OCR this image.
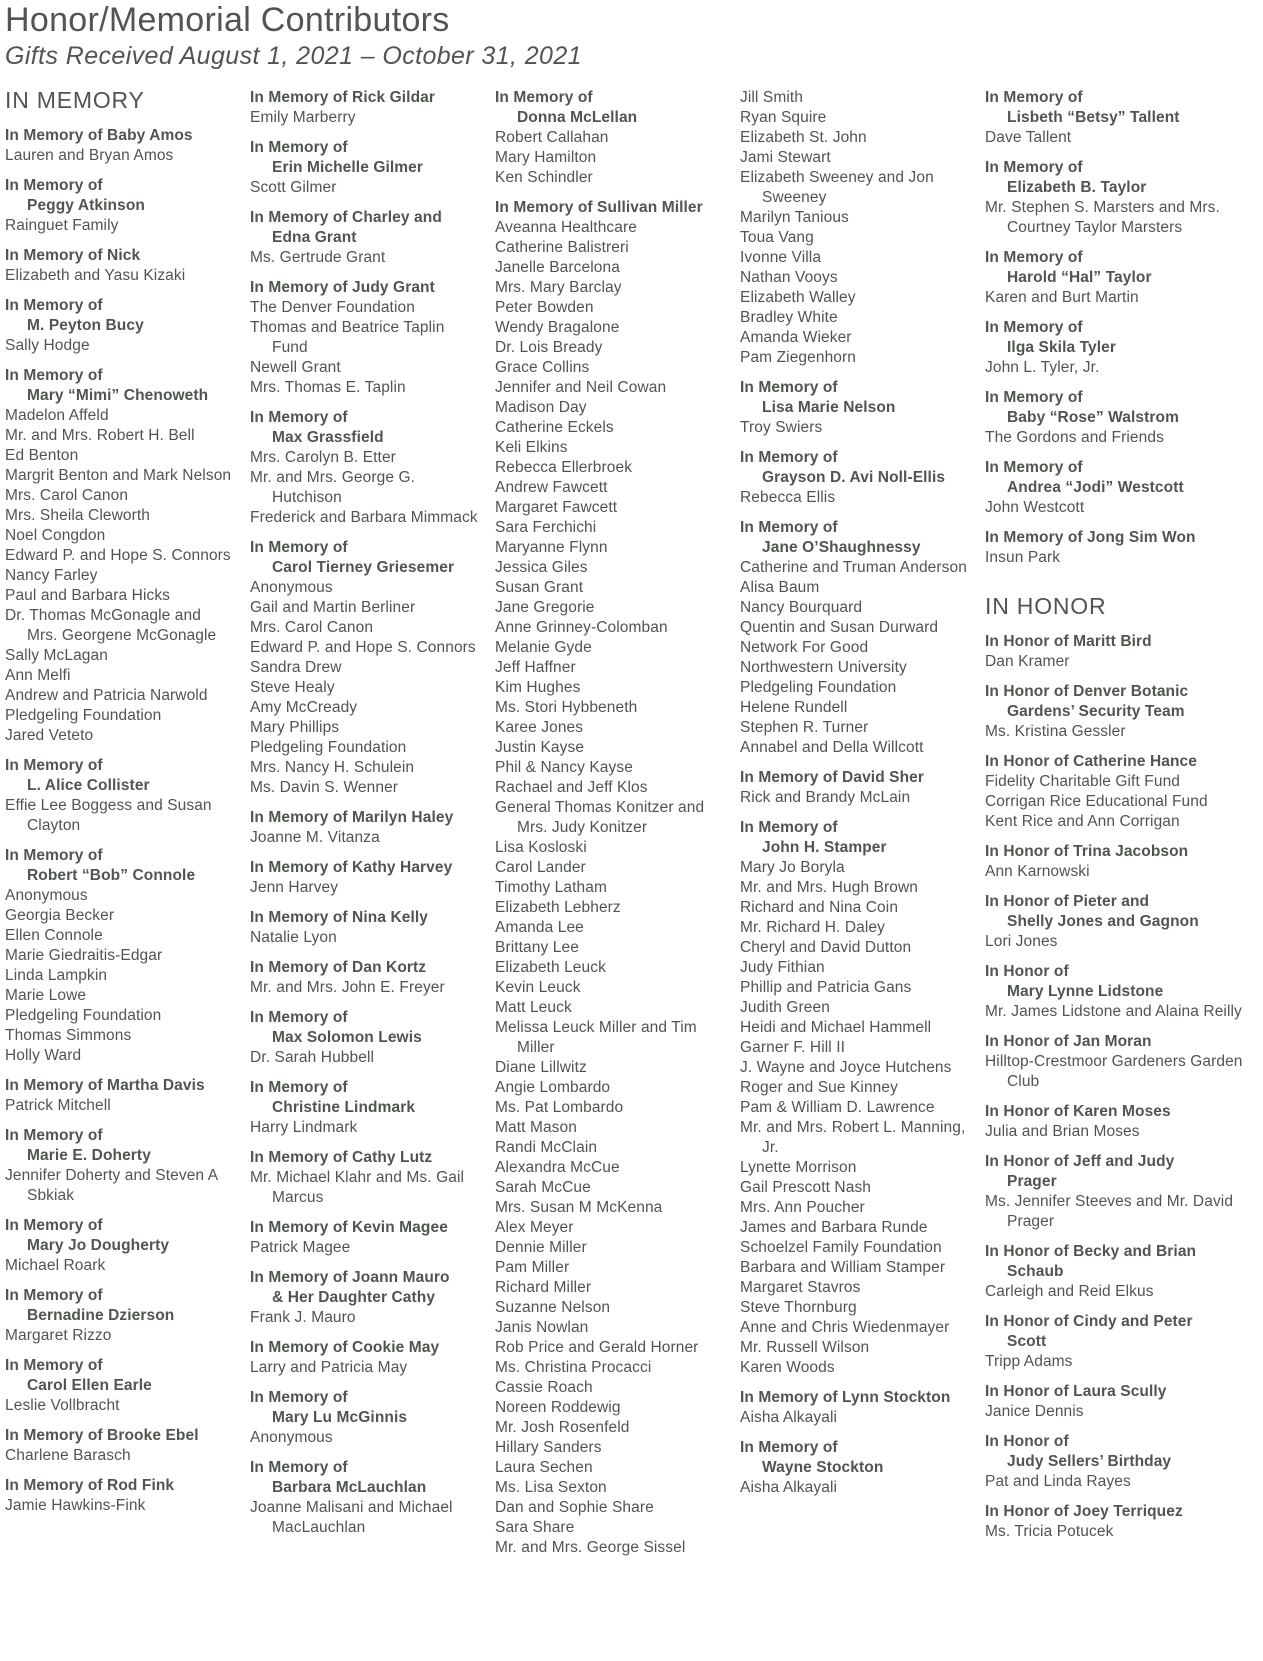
Honor/Memorial Contributors

Gifts Received August 1, 2021 – October 31, 2021

IN MEMORY
In Memory of Baby Amos
Lauren and Bryan Amos
In Memory of
Peggy Atkinson
Rainguet Family
In Memory of Nick
Elizabeth and Yasu Kizaki
In Memory of
M. Peyton Bucy
Sally Hodge
In Memory of
Mary “Mimi” Chenoweth
Madelon Affeld
Mr. and Mrs. Robert H. Bell
Ed Benton
Margrit Benton and Mark Nelson
Mrs. Carol Canon
Mrs. Sheila Cleworth
Noel Congdon
Edward P. and Hope S. Connors
Nancy Farley
Paul and Barbara Hicks
Dr. Thomas McGonagle and Mrs. Georgene McGonagle
Sally McLagan
Ann Melfi
Andrew and Patricia Narwold
Pledgeling Foundation
Jared Veteto
In Memory of
L. Alice Collister
Effie Lee Boggess and Susan Clayton
In Memory of
Robert “Bob” Connole
Anonymous
Georgia Becker
Ellen Connole
Marie Giedraitis-Edgar
Linda Lampkin
Marie Lowe
Pledgeling Foundation
Thomas Simmons
Holly Ward
In Memory of Martha Davis
Patrick Mitchell
In Memory of
Marie E. Doherty
Jennifer Doherty and Steven A Sbkiak
In Memory of
Mary Jo Dougherty
Michael Roark
In Memory of
Bernadine Dzierson
Margaret Rizzo
In Memory of
Carol Ellen Earle
Leslie Vollbracht
In Memory of Brooke Ebel
Charlene Barasch
In Memory of Rod Fink
Jamie Hawkins-Fink
In Memory of Rick Gildar
Emily Marberry
In Memory of
Erin Michelle Gilmer
Scott Gilmer
In Memory of Charley and
Edna Grant
Ms. Gertrude Grant
In Memory of Judy Grant
The Denver Foundation
Thomas and Beatrice Taplin Fund
Newell Grant
Mrs. Thomas E. Taplin
In Memory of
Max Grassfield
Mrs. Carolyn B. Etter
Mr. and Mrs. George G. Hutchison
Frederick and Barbara Mimmack
In Memory of
Carol Tierney Griesemer
Anonymous
Gail and Martin Berliner
Mrs. Carol Canon
Edward P. and Hope S. Connors
Sandra Drew
Steve Healy
Amy McCready
Mary Phillips
Pledgeling Foundation
Mrs. Nancy H. Schulein
Ms. Davin S. Wenner
In Memory of Marilyn Haley
Joanne M. Vitanza
In Memory of Kathy Harvey
Jenn Harvey
In Memory of Nina Kelly
Natalie Lyon
In Memory of Dan Kortz
Mr. and Mrs. John E. Freyer
In Memory of
Max Solomon Lewis
Dr. Sarah Hubbell
In Memory of
Christine Lindmark
Harry Lindmark
In Memory of Cathy Lutz
Mr. Michael Klahr and Ms. Gail Marcus
In Memory of Kevin Magee
Patrick Magee
In Memory of Joann Mauro
& Her Daughter Cathy
Frank J. Mauro
In Memory of Cookie May
Larry and Patricia May
In Memory of
Mary Lu McGinnis
Anonymous
In Memory of
Barbara McLauchlan
Joanne Malisani and Michael MacLauchlan
In Memory of
Donna McLellan
Robert Callahan
Mary Hamilton
Ken Schindler
In Memory of Sullivan Miller
Aveanna Healthcare
Catherine Balistreri
Janelle Barcelona
Mrs. Mary Barclay
Peter Bowden
Wendy Bragalone
Dr. Lois Bready
Grace Collins
Jennifer and Neil Cowan
Madison Day
Catherine Eckels
Keli Elkins
Rebecca Ellerbroek
Andrew Fawcett
Margaret Fawcett
Sara Ferchichi
Maryanne Flynn
Jessica Giles
Susan Grant
Jane Gregorie
Anne Grinney-Colomban
Melanie Gyde
Jeff Haffner
Kim Hughes
Ms. Stori Hybbeneth
Karee Jones
Justin Kayse
Phil & Nancy Kayse
Rachael and Jeff Klos
General Thomas Konitzer and Mrs. Judy Konitzer
Lisa Kosloski
Carol Lander
Timothy Latham
Elizabeth Lebherz
Amanda Lee
Brittany Lee
Elizabeth Leuck
Kevin Leuck
Matt Leuck
Melissa Leuck Miller and Tim Miller
Diane Lillwitz
Angie Lombardo
Ms. Pat Lombardo
Matt Mason
Randi McClain
Alexandra McCue
Sarah McCue
Mrs. Susan M McKenna
Alex Meyer
Dennie Miller
Pam Miller
Richard Miller
Suzanne Nelson
Janis Nowlan
Rob Price and Gerald Horner
Ms. Christina Procacci
Cassie Roach
Noreen Roddewig
Mr. Josh Rosenfeld
Hillary Sanders
Laura Sechen
Ms. Lisa Sexton
Dan and Sophie Share
Sara Share
Mr. and Mrs. George Sissel
Jill Smith
Ryan Squire
Elizabeth St. John
Jami Stewart
Elizabeth Sweeney and Jon Sweeney
Marilyn Tanious
Toua Vang
Ivonne Villa
Nathan Vooys
Elizabeth Walley
Bradley White
Amanda Wieker
Pam Ziegenhorn
In Memory of
Lisa Marie Nelson
Troy Swiers
In Memory of
Grayson D. Avi Noll-Ellis
Rebecca Ellis
In Memory of
Jane O’Shaughnessy
Catherine and Truman Anderson
Alisa Baum
Nancy Bourquard
Quentin and Susan Durward
Network For Good
Northwestern University
Pledgeling Foundation
Helene Rundell
Stephen R. Turner
Annabel and Della Willcott
In Memory of David Sher
Rick and Brandy McLain
In Memory of
John H. Stamper
Mary Jo Boryla
Mr. and Mrs. Hugh Brown
Richard and Nina Coin
Mr. Richard H. Daley
Cheryl and David Dutton
Judy Fithian
Phillip and Patricia Gans
Judith Green
Heidi and Michael Hammell
Garner F. Hill II
J. Wayne and Joyce Hutchens
Roger and Sue Kinney
Pam & William D. Lawrence
Mr. and Mrs. Robert L. Manning, Jr.
Lynette Morrison
Gail Prescott Nash
Mrs. Ann Poucher
James and Barbara Runde
Schoelzel Family Foundation
Barbara and William Stamper
Margaret Stavros
Steve Thornburg
Anne and Chris Wiedenmayer
Mr. Russell Wilson
Karen Woods
In Memory of Lynn Stockton
Aisha Alkayali
In Memory of
Wayne Stockton
Aisha Alkayali
In Memory of
Lisbeth “Betsy” Tallent
Dave Tallent
In Memory of
Elizabeth B. Taylor
Mr. Stephen S. Marsters and Mrs. Courtney Taylor Marsters
In Memory of
Harold “Hal” Taylor
Karen and Burt Martin
In Memory of
Ilga Skila Tyler
John L. Tyler, Jr.
In Memory of
Baby “Rose” Walstrom
The Gordons and Friends
In Memory of
Andrea “Jodi” Westcott
John Westcott
In Memory of Jong Sim Won
Insun Park
IN HONOR
In Honor of Maritt Bird
Dan Kramer
In Honor of Denver Botanic
Gardens’ Security Team
Ms. Kristina Gessler
In Honor of Catherine Hance
Fidelity Charitable Gift Fund
Corrigan Rice Educational Fund
Kent Rice and Ann Corrigan
In Honor of Trina Jacobson
Ann Karnowski
In Honor of Pieter and
Shelly Jones and Gagnon
Lori Jones
In Honor of
Mary Lynne Lidstone
Mr. James Lidstone and Alaina Reilly
In Honor of Jan Moran
Hilltop-Crestmoor Gardeners Garden Club
In Honor of Karen Moses
Julia and Brian Moses
In Honor of Jeff and Judy
Prager
Ms. Jennifer Steeves and Mr. David Prager
In Honor of Becky and Brian
Schaub
Carleigh and Reid Elkus
In Honor of Cindy and Peter
Scott
Tripp Adams
In Honor of Laura Scully
Janice Dennis
In Honor of
Judy Sellers’ Birthday
Pat and Linda Rayes
In Honor of Joey Terriquez
Ms. Tricia Potucek
